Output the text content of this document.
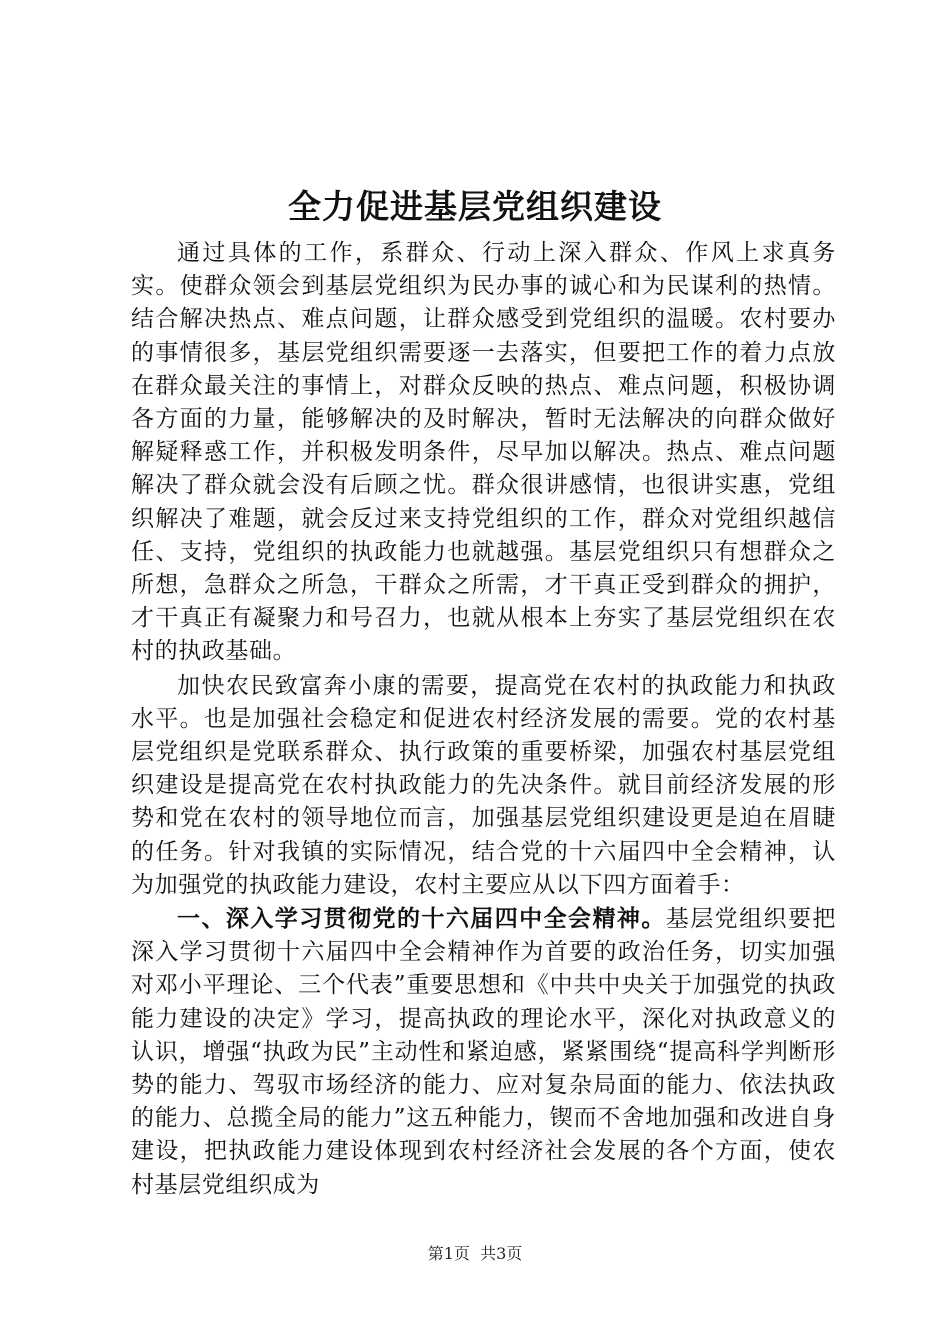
全力促进基层党组织建设

通过具体的工作，系群众、行动上深入群众、作风上求真务实。使群众领会到基层党组织为民办事的诚心和为民谋利的热情。结合解决热点、难点问题，让群众感受到党组织的温暖。农村要办的事情很多，基层党组织需要逐一去落实，但要把工作的着力点放在群众最关注的事情上，对群众反映的热点、难点问题，积极协调各方面的力量，能够解决的及时解决，暂时无法解决的向群众做好解疑释惑工作，并积极发明条件，尽早加以解决。热点、难点问题解决了群众就会没有后顾之忧。群众很讲感情，也很讲实惠，党组织解决了难题，就会反过来支持党组织的工作，群众对党组织越信任、支持，党组织的执政能力也就越强。基层党组织只有想群众之所想，急群众之所急，干群众之所需，才干真正受到群众的拥护，才干真正有凝聚力和号召力，也就从根本上夯实了基层党组织在农村的执政基础。

加快农民致富奔小康的需要，提高党在农村的执政能力和执政水平。也是加强社会稳定和促进农村经济发展的需要。党的农村基层党组织是党联系群众、执行政策的重要桥梁，加强农村基层党组织建设是提高党在农村执政能力的先决条件。就目前经济发展的形势和党在农村的领导地位而言，加强基层党组织建设更是迫在眉睫的任务。针对我镇的实际情况，结合党的十六届四中全会精神，认为加强党的执政能力建设，农村主要应从以下四方面着手：

一、深入学习贯彻党的十六届四中全会精神。基层党组织要把深入学习贯彻十六届四中全会精神作为首要的政治任务，切实加强对邓小平理论、三个代表”重要思想和《中共中央关于加强党的执政能力建设的决定》学习，提高执政的理论水平，深化对执政意义的认识，增强“执政为民”主动性和紧迫感，紧紧围绕“提高科学判断形势的能力、驾驭市场经济的能力、应对复杂局面的能力、依法执政的能力、总揽全局的能力”这五种能力，锲而不舍地加强和改进自身建设，把执政能力建设体现到农村经济社会发展的各个方面，使农村基层党组织成为

第1页 共3页
